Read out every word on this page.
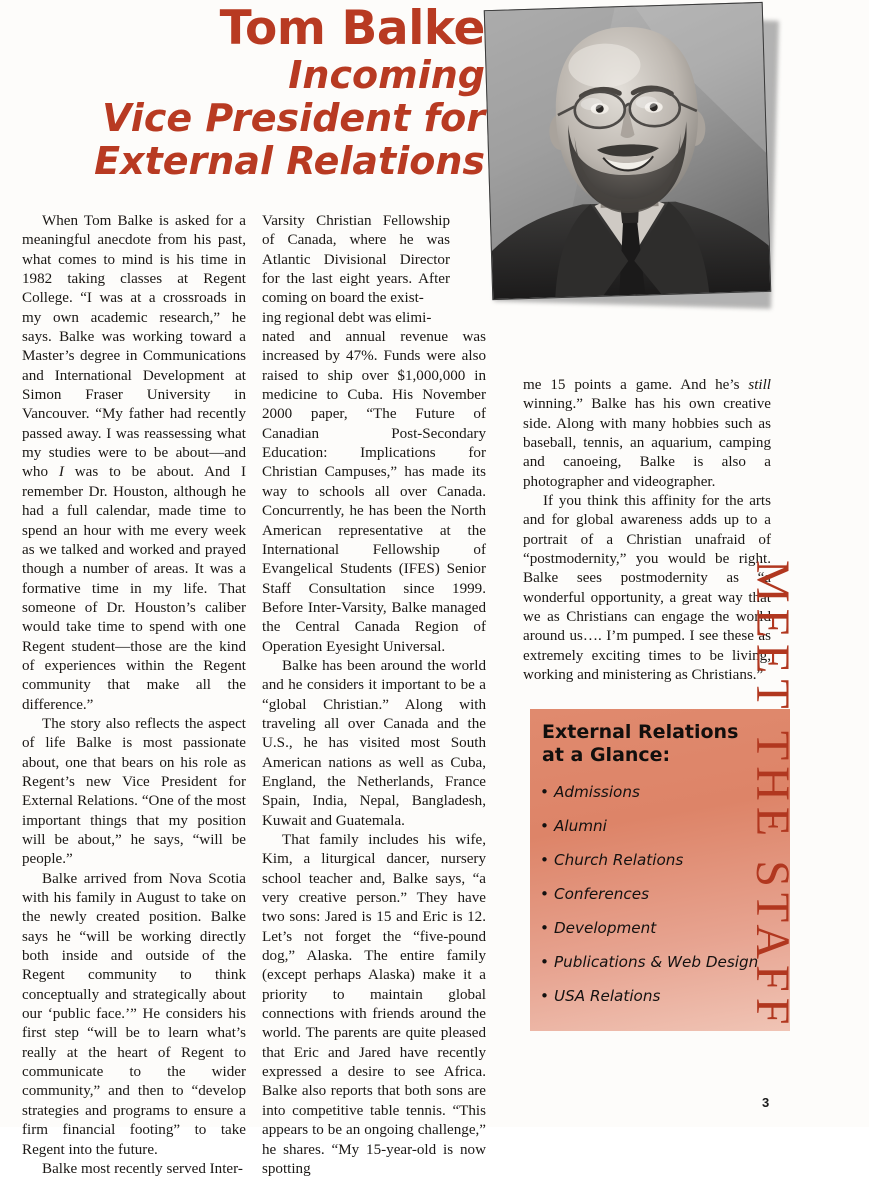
Tom Balke
Incoming
Vice President for
External Relations

When Tom Balke is asked for a meaningful anecdote from his past, what comes to mind is his time in 1982 taking classes at Regent College. “I was at a crossroads in my own academic research,” he says. Balke was working toward a Master’s degree in Communications and International Development at Simon Fraser University in Vancouver. “My father had recently passed away. I was reassessing what my studies were to be about—and who I was to be about. And I remember Dr. Houston, although he had a full calendar, made time to spend an hour with me every week as we talked and worked and prayed though a number of areas. It was a formative time in my life. That someone of Dr. Houston’s caliber would take time to spend with one Regent student—those are the kind of experiences within the Regent community that make all the difference.”

The story also reflects the aspect of life Balke is most passionate about, one that bears on his role as Regent’s new Vice President for External Relations. “One of the most important things that my position will be about,” he says, “will be people.”

Balke arrived from Nova Scotia with his family in August to take on the newly created position. Balke says he “will be working directly both inside and outside of the Regent community to think conceptually and strategically about our ‘public face.’” He considers his first step “will be to learn what’s really at the heart of Regent to communicate to the wider community,” and then to “develop strategies and programs to ensure a firm financial footing” to take Regent into the future.

Balke most recently served Inter-

Varsity Christian Fellowship of Canada, where he was Atlantic Divisional Director for the last eight years. After coming on board the exist-
ing regional debt was elimi-

nated and annual revenue was increased by 47%. Funds were also raised to ship over $1,000,000 in medicine to Cuba. His November 2000 paper, “The Future of Canadian Post-Secondary Education: Implications for Christian Campuses,” has made its way to schools all over Canada. Concurrently, he has been the North American representative at the International Fellowship of Evangelical Students (IFES) Senior Staff Consultation since 1999. Before Inter-Varsity, Balke managed the Central Canada Region of Operation Eyesight Universal.

Balke has been around the world and he considers it important to be a “global Christian.” Along with traveling all over Canada and the U.S., he has visited most South American nations as well as Cuba, England, the Netherlands, France Spain, India, Nepal, Bangladesh, Kuwait and Guatemala.

That family includes his wife, Kim, a liturgical dancer, nursery school teacher and, Balke says, “a very creative person.” They have two sons: Jared is 15 and Eric is 12. Let’s not forget the “five-pound dog,” Alaska. The entire family (except perhaps Alaska) make it a priority to maintain global connections with friends around the world. The parents are quite pleased that Eric and Jared have recently expressed a desire to see Africa. Balke also reports that both sons are into competitive table tennis. “This appears to be an ongoing challenge,” he shares. “My 15-year-old is now spotting

me 15 points a game. And he’s still winning.” Balke has his own creative side. Along with many hobbies such as baseball, tennis, an aquarium, camping and canoeing, Balke is also a photographer and videographer.

If you think this affinity for the arts and for global awareness adds up to a portrait of a Christian unafraid of “postmodernity,” you would be right. Balke sees postmodernity as “a wonderful opportunity, a great way that we as Christians can engage the world around us…. I’m pumped. I see these as extremely exciting times to be living, working and ministering as Christians.”

External Relations
at a Glance:
• Admissions
• Alumni
• Church Relations
• Conferences
• Development
• Publications & Web Design
• USA Relations	MEET THE STAFF
3
